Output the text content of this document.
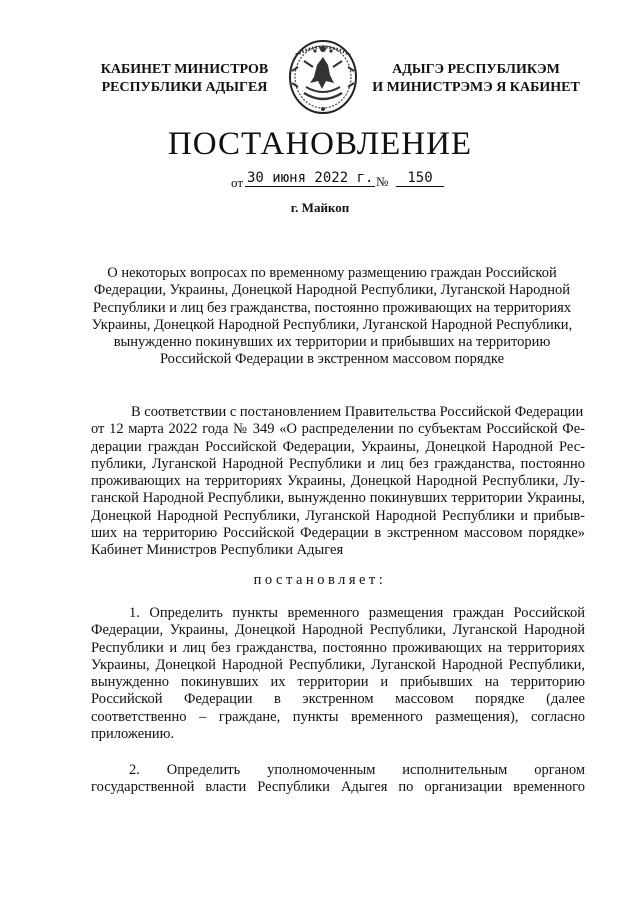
КАБИНЕТ МИНИСТРОВ
РЕСПУБЛИКИ АДЫГЕЯ
АДЫГЭ РЕСПУБЛИКЭМ
И МИНИСТРЭМЭ Я КАБИНЕТ
ПОСТАНОВЛЕНИЕ
от 30 июня 2022 г. №	150
г. Майкоп
О некоторых вопросах по временному размещению граждан Российской
Федерации, Украины, Донецкой Народной Республики, Луганской Народной
Республики и лиц без гражданства, постоянно проживающих на территориях
Украины, Донецкой Народной Республики, Луганской Народной Республики,
вынужденно покинувших их территории и прибывших на территорию
Российской Федерации в экстренном массовом порядке
В соответствии с постановлением Правительства Российской Федерации
от 12 марта 2022 года № 349 «О распределении по субъектам Российской Фе-
дерации граждан Российской Федерации, Украины, Донецкой Народной Рес-
публики, Луганской Народной Республики и лиц без гражданства, постоянно
проживающих на территориях Украины, Донецкой Народной Республики, Лу-
ганской Народной Республики, вынужденно покинувших территории Украины,
Донецкой Народной Республики, Луганской Народной Республики и прибыв-
ших на территорию Российской Федерации в экстренном массовом порядке»
Кабинет Министров Республики Адыгея
постановляет:
1. Определить пункты временного размещения граждан Российской
Федерации, Украины, Донецкой Народной Республики, Луганской Народной
Республики и лиц без гражданства, постоянно проживающих на территориях
Украины, Донецкой Народной Республики, Луганской Народной Республики,
вынужденно покинувших их территории и прибывших на территорию
Российской Федерации в экстренном массовом порядке (далее
соответственно – граждане, пункты временного размещения), согласно
приложению.
2. Определить уполномоченным исполнительным органом
государственной власти Республики Адыгея по организации временного
